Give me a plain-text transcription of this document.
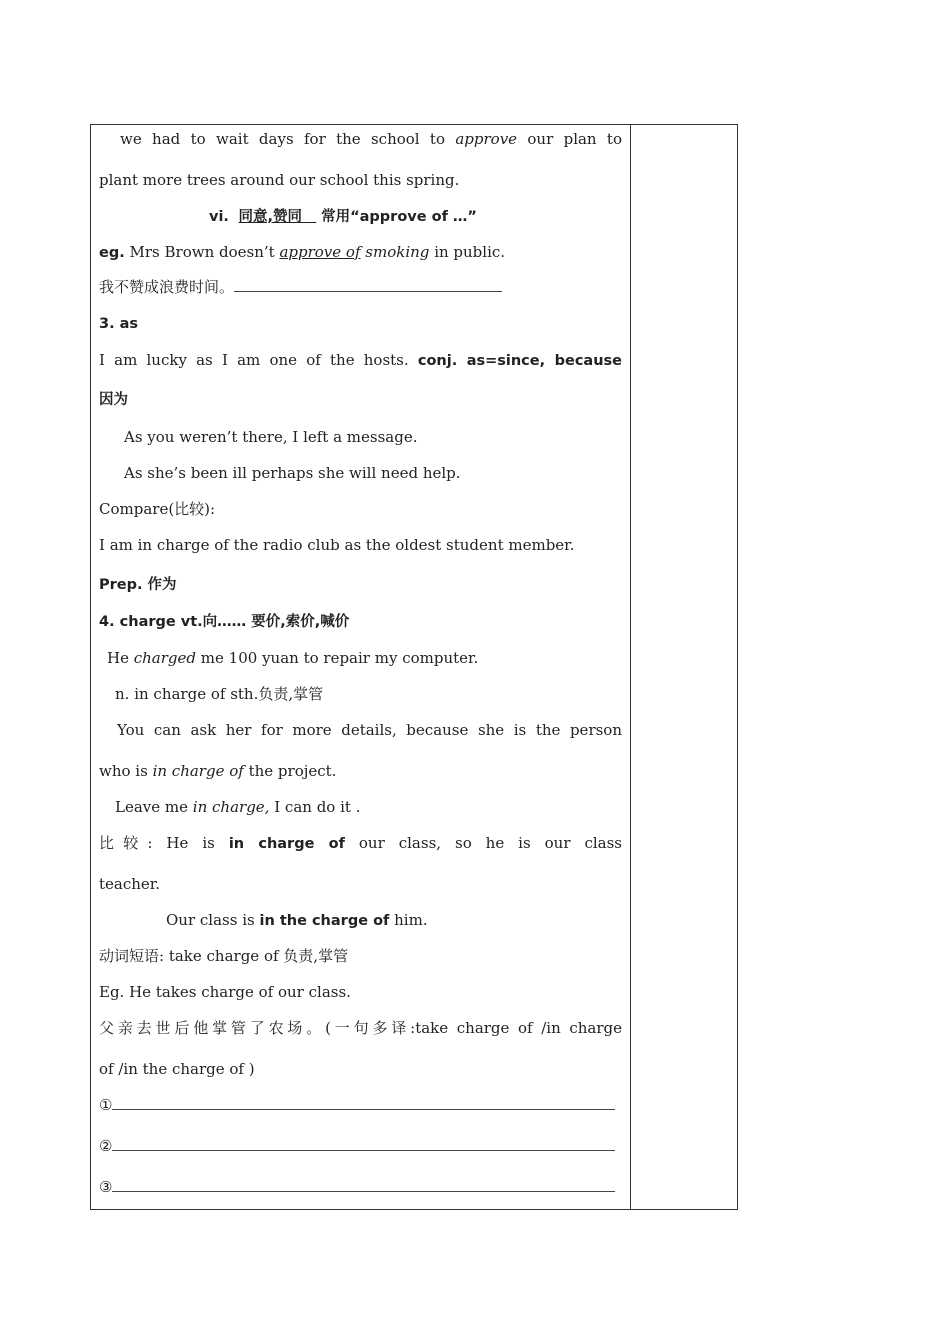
we had to wait days for the school to approve our plan to
plant more trees around our school this spring.
vi. 同意,赞同 常用“approve of …”
eg. Mrs Brown doesn’t approve of smoking in public.
我不赞成浪费时间。
3. as
I am lucky as I am one of the hosts. conj. as=since, because
因为
As you weren’t there, I left a message.
As she’s been ill perhaps she will need help.
Compare(比较):
I am in charge of the radio club as the oldest student member.
Prep. 作为
4. charge vt.向…… 要价,索价,喊价
He charged me 100 yuan to repair my computer.
n. in charge of sth.负责,掌管
You can ask her for more details, because she is the person
who is in charge of the project.
Leave me in charge, I can do it .
比较: He is in charge of our class, so he is our class
teacher.
Our class is in the charge of him.
动词短语: take charge of 负责,掌管
Eg. He takes charge of our class.
父亲去世后他掌管了农场。(一句多译:take charge of /in charge
of /in the charge of )
①
②
③
